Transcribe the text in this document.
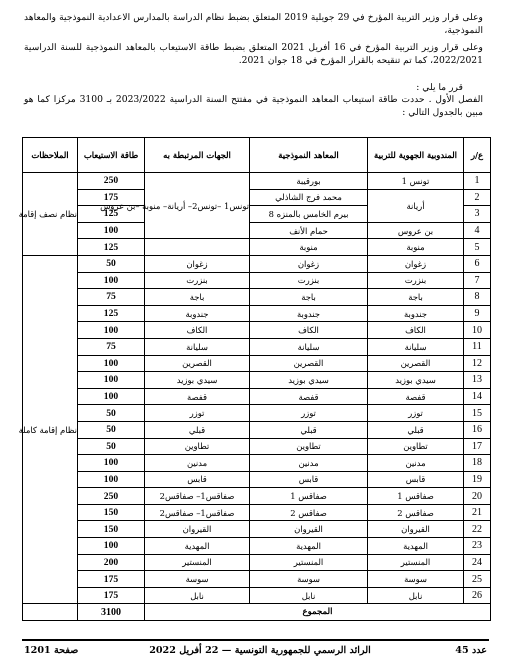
وعلى قرار وزير التربية المؤرخ في 29 جويلية 2019 المتعلق بضبط نظام الدراسة بالمدارس الاعدادية النموذجية والمعاهد النموذجية،

وعلى قرار وزير التربية المؤرخ في 16 أفريل 2021 المتعلق بضبط طاقة الاستيعاب بالمعاهد النموذجية للسنة الدراسية 2022/2021، كما تم تنقيحه بالقرار المؤرخ في 18 جوان 2021.

قرر ما يلي :

الفصل الأول . حددت طاقة استيعاب المعاهد النموذجية في مفتتح السنة الدراسية 2023/2022 بـ 3100 مركزا كما هو مبين بالجدول التالي :

ع/ر	المندوبية الجهوية للتربية	المعاهد النموذجية	الجهات المرتبطة به	طاقة الاستيعاب	الملاحظات
1	تونس 1	بورقيبة	تونس1 –تونس2– أريانة– منوبة –بن عروس	250	نظام نصف إقامة
2	أريانة	محمد فرج الشاذلي		175	
3		بيرم الخامس بالمنزه 8		125	
4	بن عروس	حمام الأنف		100	
5	منوبة	منوبة		125	
6	زغوان	زغوان	زغوان	50	نظام إقامة كاملة
7	بنزرت	بنزرت	بنزرت	100	
8	باجة	باجة	باجة	75	
9	جندوبة	جندوبة	جندوبة	125	
10	الكاف	الكاف	الكاف	100	
11	سليانة	سليانة	سليانة	75	
12	القصرين	القصرين	القصرين	100	
13	سيدي بوزيد	سيدي بوزيد	سيدي بوزيد	100	
14	قفصة	قفصة	قفصة	100	
15	توزر	توزر	توزر	50	
16	قبلي	قبلي	قبلي	50	
17	تطاوين	تطاوين	تطاوين	50	
18	مدنين	مدنين	مدنين	100	
19	قابس	قابس	قابس	100	
20	صفاقس 1	صفاقس 1	صفاقس1– صفاقس2	250	
21	صفاقس 2	صفاقس 2	صفاقس1– صفاقس2	150	
22	القيروان	القيروان	القيروان	150	
23	المهدية	المهدية	المهدية	100	
24	المنستير	المنستير	المنستير	200	
25	سوسة	سوسة	سوسة	175	
26	نابل	نابل	نابل	175	
المجموع				3100	
عدد 45
الرائد الرسمي للجمهورية التونسية — 22 أفريل 2022
صفحة 1201
